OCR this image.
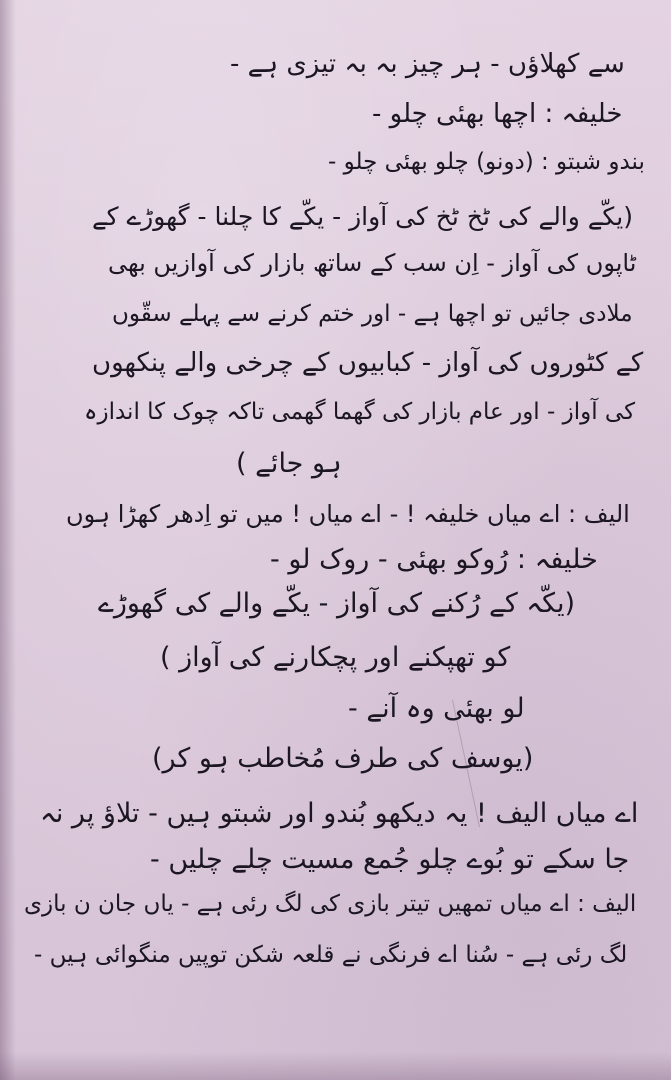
سے کھلاؤں - ہر چیز بہ بہ تیزی ہے -
خلیفہ : اچھا بھئی چلو -
بندو شبتو : (دونو) چلو بھئی چلو -
(یکّے والے کی ٹخ ٹخ کی آواز - یکّے کا چلنا - گھوڑے کے
ٹاپوں کی آواز - اِن سب کے ساتھ بازار کی آوازیں بھی
ملادی جائیں تو اچھا ہے - اور ختم کرنے سے پہلے سقّوں
کے کٹوروں کی آواز - کبابیوں کے چرخی والے پنکھوں
کی آواز - اور عام بازار کی گھما گھمی تاکہ چوک کا اندازہ
ہو جائے )
الیف : اے میاں خلیفہ ! - اے میاں ! میں تو اِدھر کھڑا ہوں
خلیفہ : رُوکو بھئی - روک لو -
(یکّہ کے رُکنے کی آواز - یکّے والے کی گھوڑے
کو تھپکنے اور پچکارنے کی آواز )
لو بھئی وہ آنے -
(یوسف کی طرف مُخاطب ہو کر)
اے میاں الیف ! یہ دیکھو بُندو اور شبتو ہیں - تلاؤ پر نہ
جا سکے تو بُوے چلو جُمع مسیت چلے چلیں -
الیف : اے میاں تمھیں تیتر بازی کی لگ رئی ہے - یاں جان ن بازی
لگ رئی ہے - سُنا اے فرنگی نے قلعہ شکن توپیں منگوائی ہیں -
